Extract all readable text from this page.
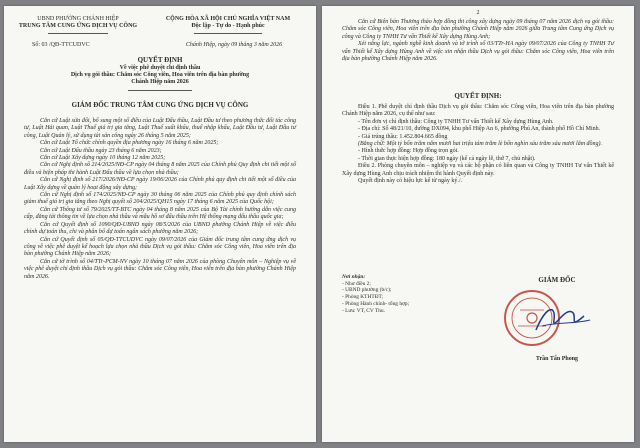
UBND PHƯỜNG CHÁNH HIỆP
TRUNG TÂM CUNG ỨNG DỊCH VỤ CÔNG
CỘNG HÒA XÃ HỘI CHỦ NGHĨA VIỆT NAM
Độc lập - Tự do - Hạnh phúc
Số: 03 /QĐ-TTCUDVC	Chánh Hiệp, ngày 09 tháng 3 năm 2026
QUYẾT ĐỊNH
Về việc phê duyệt chỉ định thầu
Dịch vụ gói thầu: Chăm sóc Công viên, Hoa viên trên địa bàn phường
Chánh Hiệp năm 2026
GIÁM ĐỐC TRUNG TÂM CUNG ỨNG DỊCH VỤ CÔNG
Căn cứ Luật sửa đổi, bổ sung một số điều của Luật Đấu thầu, Luật Đầu tư theo phương thức đối tác công tư, Luật Hải quan, Luật Thuế giá trị gia tăng, Luật Thuế xuất khẩu, thuế nhập khẩu, Luật Đầu tư, Luật Đầu tư công, Luật Quản lý, sử dụng tài sản công ngày 26 tháng 5 năm 2025;
Căn cứ Luật Tổ chức chính quyền địa phương ngày 16 tháng 6 năm 2025;
Căn cứ Luật Đấu thầu ngày 23 tháng 6 năm 2023;
Căn cứ Luật Xây dựng ngày 10 tháng 12 năm 2025;
Căn cứ Nghị định số 214/2025/NĐ-CP ngày 04 tháng 8 năm 2025 của Chính phủ Quy định chi tiết một số điều và biện pháp thi hành Luật Đấu thầu về lựa chọn nhà thầu;
Căn cứ Nghị định số 217/2026/NĐ-CP ngày 19/06/2026 của Chính phủ quy định chi tiết một số điều của Luật Xây dựng về quản lý hoạt động xây dựng;
Căn cứ Nghị định số 174/2025/NĐ-CP ngày 30 tháng 06 năm 2025 của Chính phủ quy định chính sách giảm thuế giá trị gia tăng theo Nghị quyết số 204/2025/QH15 ngày 17 tháng 6 năm 2025 của Quốc hội;
Căn cứ Thông tư số 79/2025/TT-BTC ngày 04 tháng 8 năm 2025 của Bộ Tài chính hướng dẫn việc cung cấp, đăng tải thông tin về lựa chọn nhà thầu và mẫu hồ sơ đấu thầu trên Hệ thống mạng đấu thầu quốc gia;
Căn cứ Quyết định số 1090/QĐ-UBND ngày 08/5/2026 của UBND phường Chánh Hiệp về việc điều chỉnh dự toán thu, chi và phân bổ dự toán ngân sách phường năm 2026;
Căn cứ Quyết định số 05/QĐ-TTCUDVC ngày 09/07/2026 của Giám đốc trung tâm cung ứng dịch vụ công về việc phê duyệt kế hoạch lựa chọn nhà thầu Dịch vụ gói thầu: Chăm sóc Công viên, Hoa viên trên địa bàn phường Chánh Hiệp năm 2026;
Căn cứ tờ trình số 04/TTr-PCM-NV ngày 10 tháng 07 năm 2026 của phòng Chuyên môn – Nghiệp vụ về việc phê duyệt chỉ định thầu Dịch vụ gói thầu: Chăm sóc Công viên, Hoa viên trên địa bàn phường Chánh Hiệp năm 2026.
2
Căn cứ Biên bản Thương thảo hợp đồng thi công xây dựng ngày 09 tháng 07 năm 2026 dịch vụ gói thầu: Chăm sóc Công viên, Hoa viên trên địa bàn phường Chánh Hiệp năm 2026 giữa Trung tâm Cung ứng Dịch vụ công và Công ty TNHH Tư vấn Thiết kế Xây dựng Hùng Anh;
Xét năng lực, ngành nghề kinh doanh và tờ trình số 03/TTr-HA ngày 09/07/2026 của Công ty TNHH Tư vấn Thiết kế Xây dựng Hùng Anh về việc xin nhận thầu Dịch vụ gói thầu: Chăm sóc Công viên, Hoa viên trên địa bàn phường Chánh Hiệp năm 2026.
QUYẾT ĐỊNH:
Điều 1. Phê duyệt chỉ định thầu Dịch vụ gói thầu: Chăm sóc Công viên, Hoa viên trên địa bàn phường Chánh Hiệp năm 2026, cụ thể như sau:
- Tên đơn vị chỉ định thầu: Công ty TNHH Tư vấn Thiết kế Xây dựng Hùng Anh.
- Địa chỉ: Số 48/21/10, đường DX094, khu phố Hiệp An 6, phường Phú An, thành phố Hồ Chí Minh.
- Giá trúng thầu: 1.452.804.665 đồng
(Bằng chữ: Một tỷ bốn trăm năm mươi hai triệu tám trăm lẻ bốn nghìn sáu trăm sáu mươi lăm đồng).
- Hình thức hợp đồng: Hợp đồng trọn gói.
- Thời gian thực hiện hợp đồng: 180 ngày (kể cả ngày lễ, thứ 7, chủ nhật).
Điều 2. Phòng chuyên môn – nghiệp vụ và các bộ phận có liên quan và Công ty TNHH Tư vấn Thiết kế Xây dựng Hùng Anh chịu trách nhiệm thi hành Quyết định này.
Quyết định này có hiệu lực kể từ ngày ký./.
Nơi nhận:
- Như điều 2;
- UBND phường (b/c);
- Phòng KTHTĐT;
- Phòng Hành chính- tổng hợp;
- Lưu: VT, CV Thu.
GIÁM ĐỐC
Trần Tấn Phong
